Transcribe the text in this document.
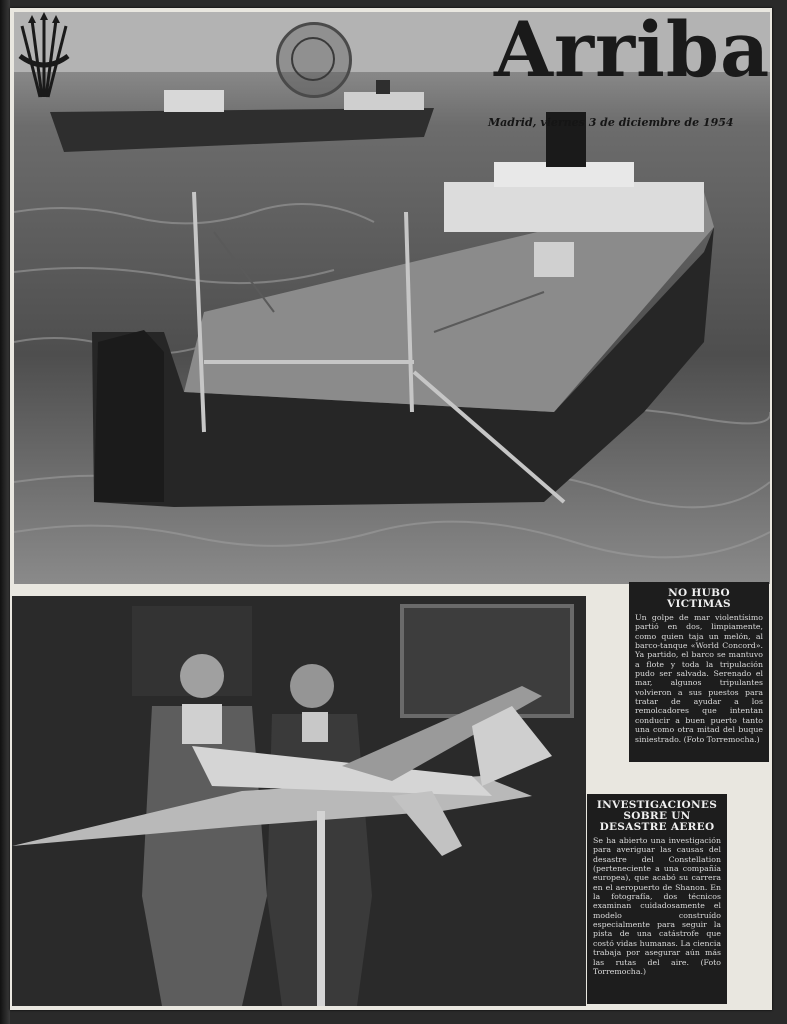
Arriba
Madrid, viernes 3 de diciembre de 1954
NO HUBO VICTIMAS
Un golpe de mar violentísimo partió en dos, limpiamente, como quien taja un melón, al barco-tanque «World Concord». Ya partido, el barco se mantuvo a flote y toda la tripulación pudo ser salvada. Serenado el mar, algunos tripulantes volvieron a sus puestos para tratar de ayudar a los remolcadores que intentan conducir a buen puerto tanto una como otra mitad del buque siniestrado. (Foto Torremocha.)
INVESTIGACIONES SOBRE UN DESASTRE AEREO
Se ha abierto una investigación para averiguar las causas del desastre del Constellation (perteneciente a una compañía europea), que acabó su carrera en el aeropuerto de Shanon. En la fotografía, dos técnicos examinan cuidadosamente el modelo construído especialmente para seguir la pista de una catástrofe que costó vidas humanas. La ciencia trabaja por asegurar aún más las rutas del aire. (Foto Torremocha.)
